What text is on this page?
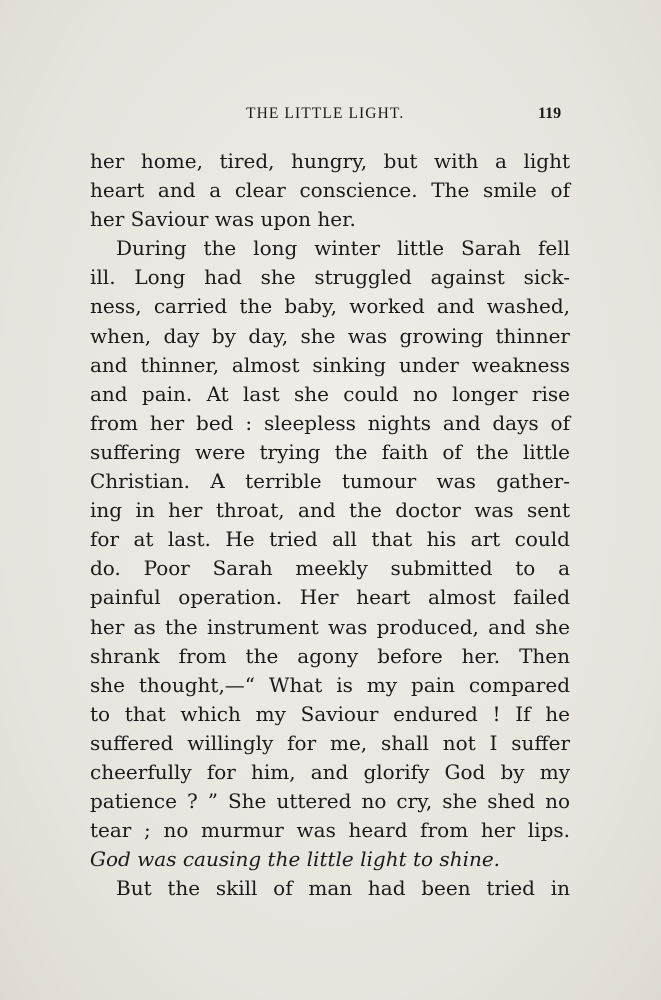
THE LITTLE LIGHT.	119
her home, tired, hungry, but with a light
heart and a clear conscience. The smile of
her Saviour was upon her.
During the long winter little Sarah fell
ill. Long had she struggled against sick-
ness, carried the baby, worked and washed,
when, day by day, she was growing thinner
and thinner, almost sinking under weakness
and pain. At last she could no longer rise
from her bed : sleepless nights and days of
suffering were trying the faith of the little
Christian. A terrible tumour was gather-
ing in her throat, and the doctor was sent
for at last. He tried all that his art could
do. Poor Sarah meekly submitted to a
painful operation. Her heart almost failed
her as the instrument was produced, and she
shrank from the agony before her. Then
she thought,—“ What is my pain compared
to that which my Saviour endured ! If he
suffered willingly for me, shall not I suffer
cheerfully for him, and glorify God by my
patience ? ” She uttered no cry, she shed no
tear ; no murmur was heard from her lips.
God was causing the little light to shine.
But the skill of man had been tried in
